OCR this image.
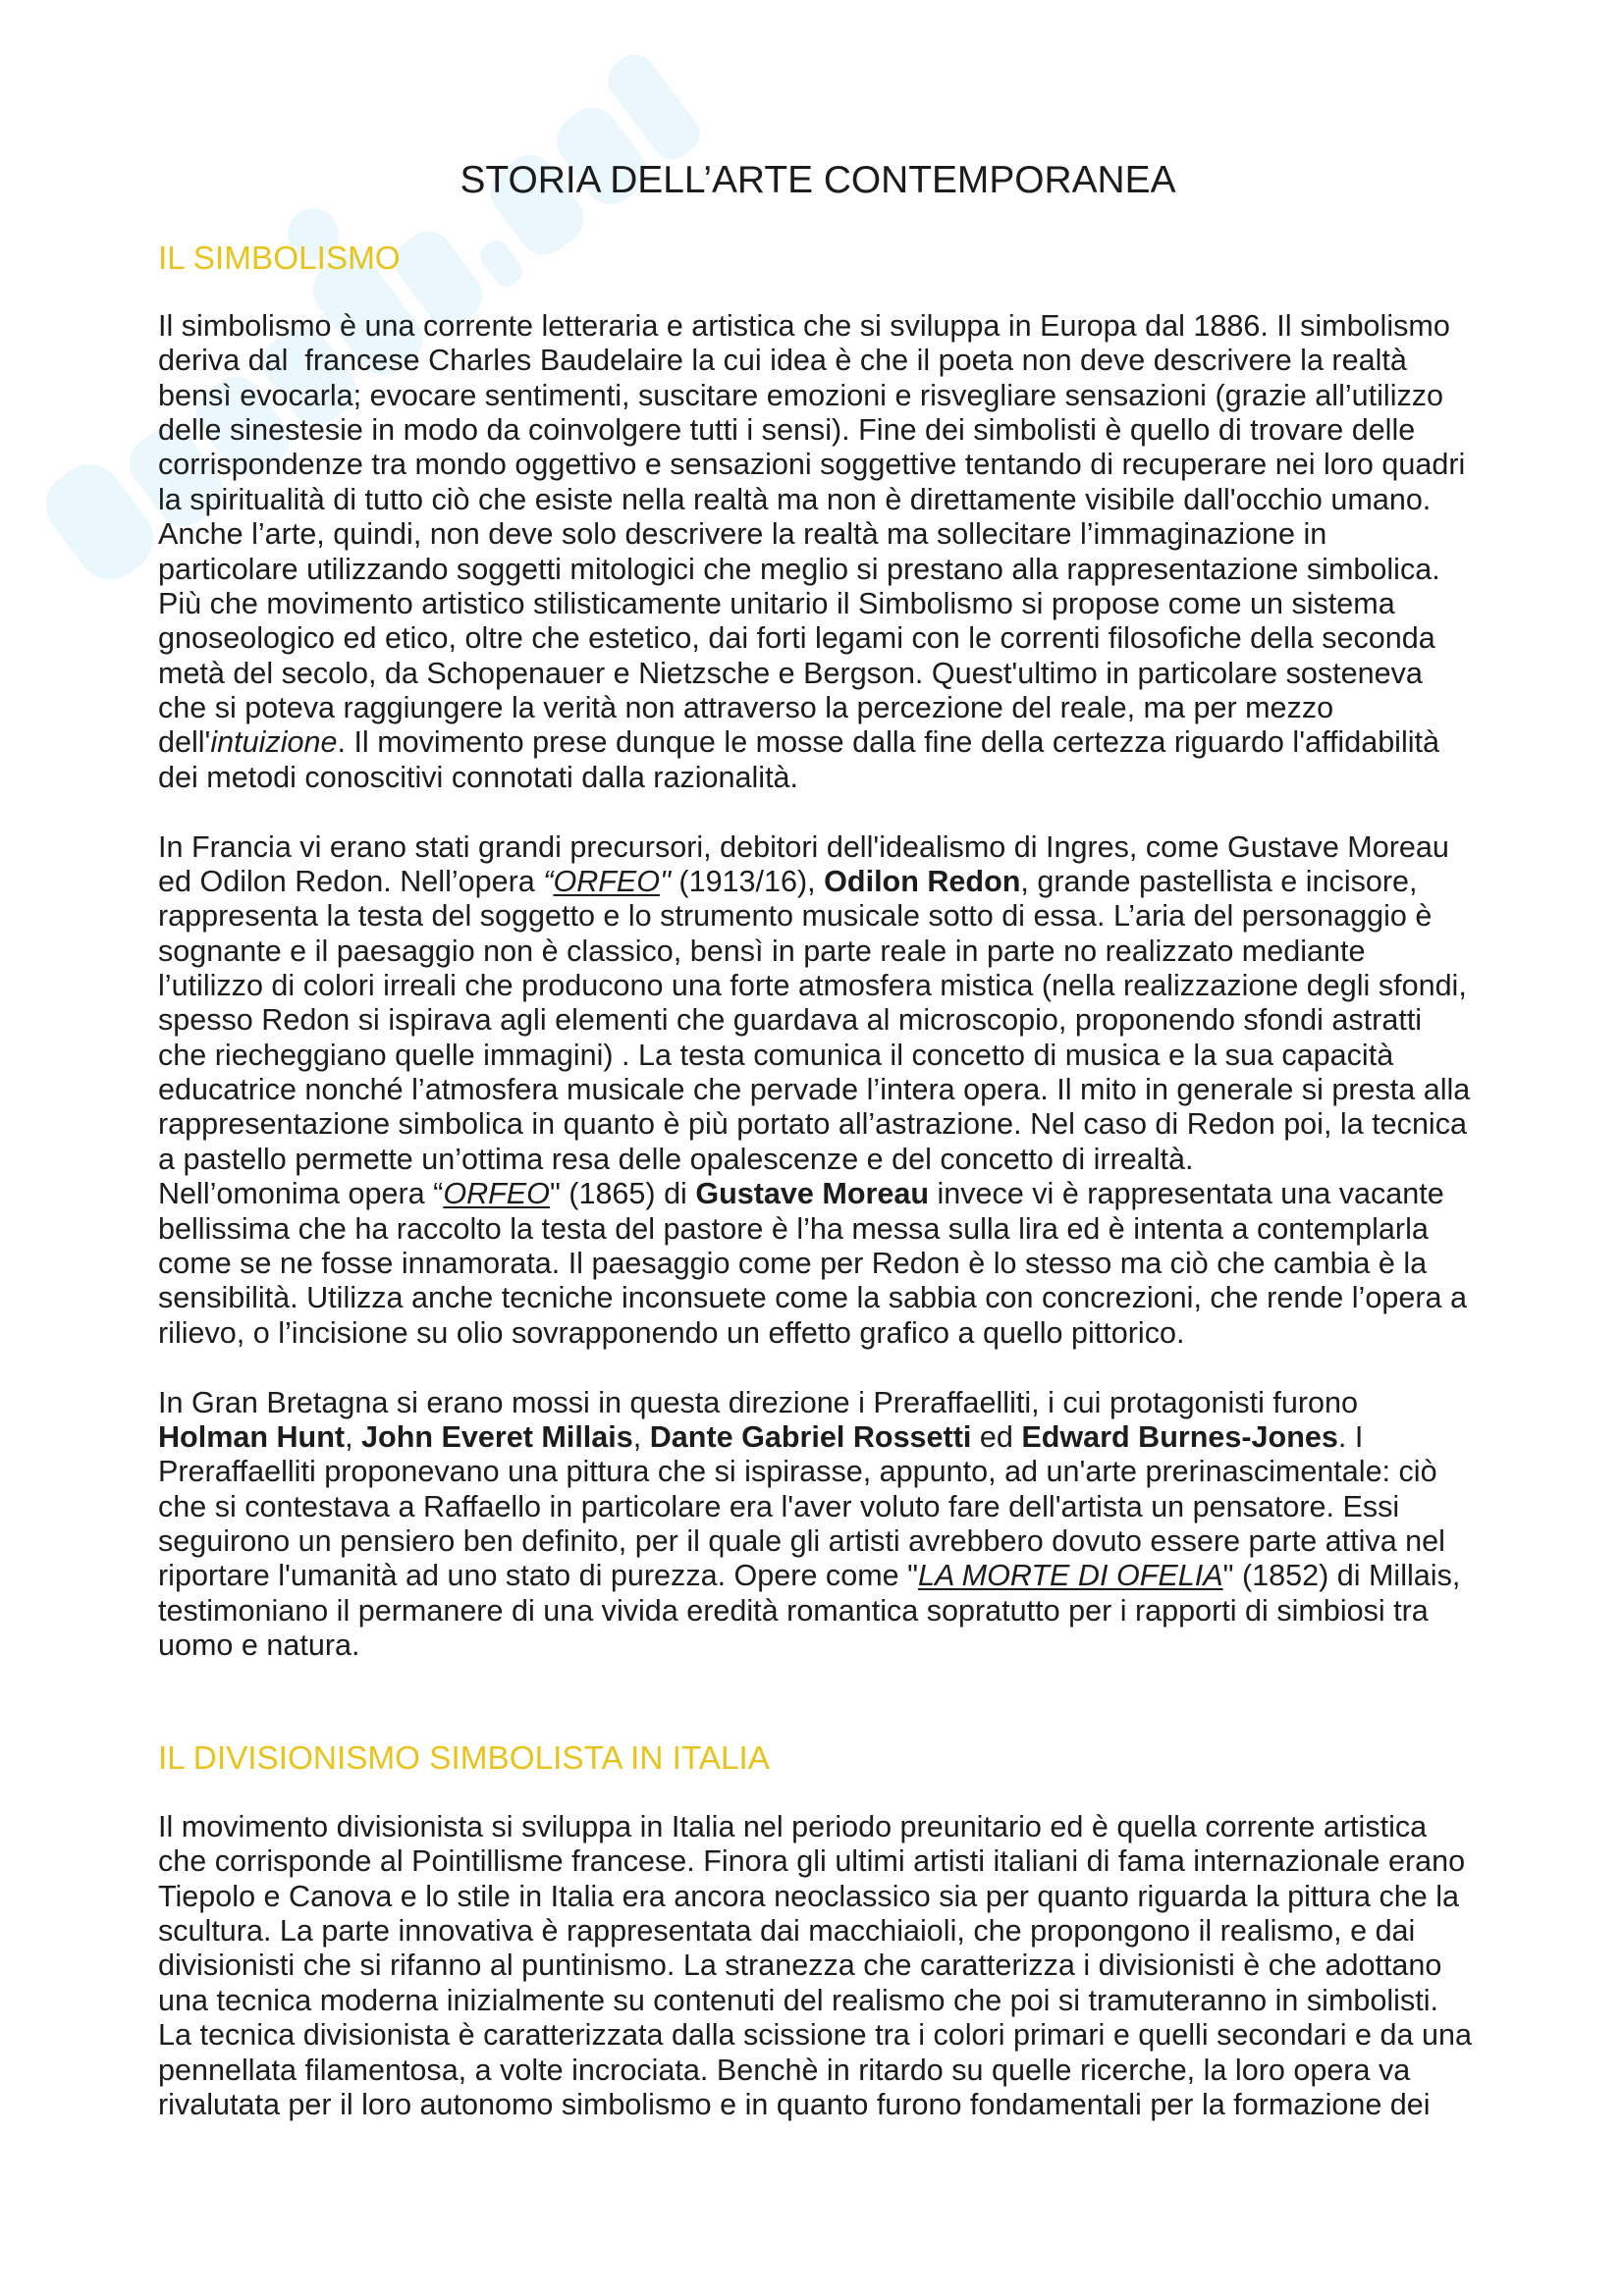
STORIA DELL’ARTE CONTEMPORANEA
IL SIMBOLISMO
Il simbolismo è una corrente letteraria e artistica che si sviluppa in Europa dal 1886. Il simbolismo
deriva dal  francese Charles Baudelaire la cui idea è che il poeta non deve descrivere la realtà
bensì evocarla; evocare sentimenti, suscitare emozioni e risvegliare sensazioni (grazie all’utilizzo
delle sinestesie in modo da coinvolgere tutti i sensi). Fine dei simbolisti è quello di trovare delle
corrispondenze tra mondo oggettivo e sensazioni soggettive tentando di recuperare nei loro quadri
la spiritualità di tutto ciò che esiste nella realtà ma non è direttamente visibile dall'occhio umano.
Anche l’arte, quindi, non deve solo descrivere la realtà ma sollecitare l’immaginazione in
particolare utilizzando soggetti mitologici che meglio si prestano alla rappresentazione simbolica.
Più che movimento artistico stilisticamente unitario il Simbolismo si propose come un sistema
gnoseologico ed etico, oltre che estetico, dai forti legami con le correnti filosofiche della seconda
metà del secolo, da Schopenauer e Nietzsche e Bergson. Quest'ultimo in particolare sosteneva
che si poteva raggiungere la verità non attraverso la percezione del reale, ma per mezzo
dell'intuizione. Il movimento prese dunque le mosse dalla fine della certezza riguardo l'affidabilità
dei metodi conoscitivi connotati dalla razionalità.
In Francia vi erano stati grandi precursori, debitori dell'idealismo di Ingres, come Gustave Moreau
ed Odilon Redon. Nell’opera “ORFEO" (1913/16), Odilon Redon, grande pastellista e incisore,
rappresenta la testa del soggetto e lo strumento musicale sotto di essa. L’aria del personaggio è
sognante e il paesaggio non è classico, bensì in parte reale in parte no realizzato mediante
l’utilizzo di colori irreali che producono una forte atmosfera mistica (nella realizzazione degli sfondi,
spesso Redon si ispirava agli elementi che guardava al microscopio, proponendo sfondi astratti
che riecheggiano quelle immagini) . La testa comunica il concetto di musica e la sua capacità
educatrice nonché l’atmosfera musicale che pervade l’intera opera. Il mito in generale si presta alla
rappresentazione simbolica in quanto è più portato all’astrazione. Nel caso di Redon poi, la tecnica
a pastello permette un’ottima resa delle opalescenze e del concetto di irrealtà.
Nell’omonima opera “ORFEO" (1865) di Gustave Moreau invece vi è rappresentata una vacante
bellissima che ha raccolto la testa del pastore è l’ha messa sulla lira ed è intenta a contemplarla
come se ne fosse innamorata. Il paesaggio come per Redon è lo stesso ma ciò che cambia è la
sensibilità. Utilizza anche tecniche inconsuete come la sabbia con concrezioni, che rende l’opera a
rilievo, o l’incisione su olio sovrapponendo un effetto grafico a quello pittorico.
In Gran Bretagna si erano mossi in questa direzione i Preraffaelliti, i cui protagonisti furono
Holman Hunt, John Everet Millais, Dante Gabriel Rossetti ed Edward Burnes-Jones. I
Preraffaelliti proponevano una pittura che si ispirasse, appunto, ad un'arte prerinascimentale: ciò
che si contestava a Raffaello in particolare era l'aver voluto fare dell'artista un pensatore. Essi
seguirono un pensiero ben definito, per il quale gli artisti avrebbero dovuto essere parte attiva nel
riportare l'umanità ad uno stato di purezza. Opere come "LA MORTE DI OFELIA" (1852) di Millais,
testimoniano il permanere di una vivida eredità romantica sopratutto per i rapporti di simbiosi tra
uomo e natura.
IL DIVISIONISMO SIMBOLISTA IN ITALIA
Il movimento divisionista si sviluppa in Italia nel periodo preunitario ed è quella corrente artistica
che corrisponde al Pointillisme francese. Finora gli ultimi artisti italiani di fama internazionale erano
Tiepolo e Canova e lo stile in Italia era ancora neoclassico sia per quanto riguarda la pittura che la
scultura. La parte innovativa è rappresentata dai macchiaioli, che propongono il realismo, e dai
divisionisti che si rifanno al puntinismo. La stranezza che caratterizza i divisionisti è che adottano
una tecnica moderna inizialmente su contenuti del realismo che poi si tramuteranno in simbolisti.
La tecnica divisionista è caratterizzata dalla scissione tra i colori primari e quelli secondari e da una
pennellata filamentosa, a volte incrociata. Benchè in ritardo su quelle ricerche, la loro opera va
rivalutata per il loro autonomo simbolismo e in quanto furono fondamentali per la formazione dei
